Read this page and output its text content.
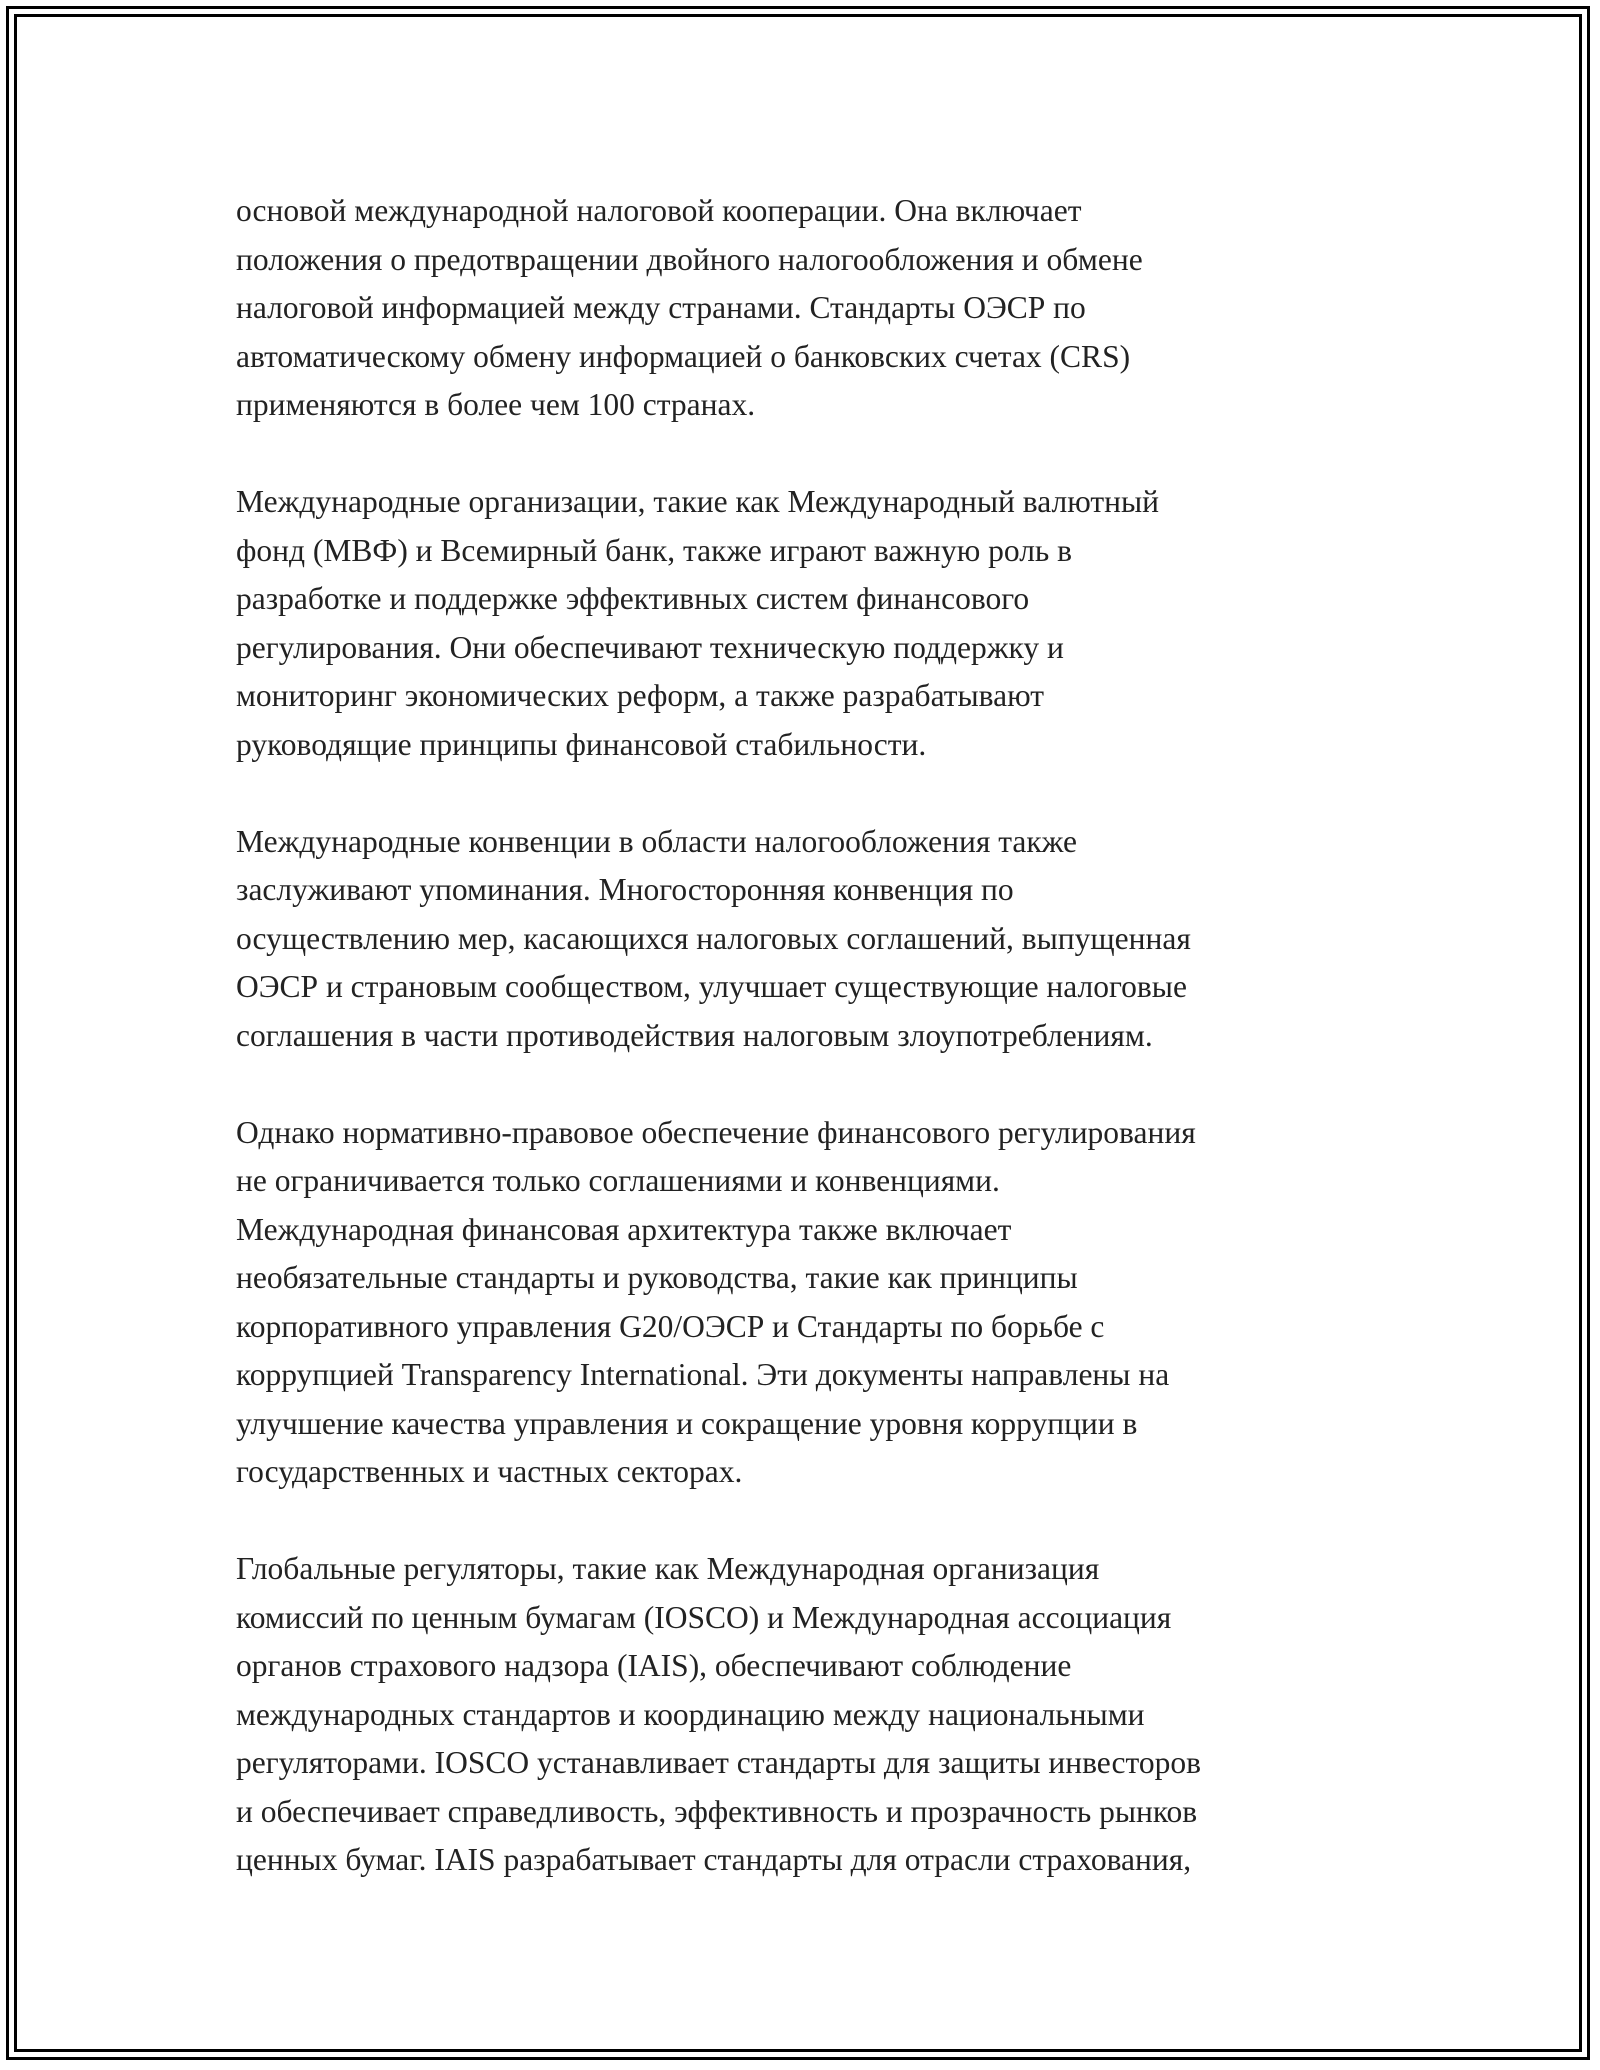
основой международной налоговой кооперации. Она включает
положения о предотвращении двойного налогообложения и обмене
налоговой информацией между странами. Стандарты ОЭСР по
автоматическому обмену информацией о банковских счетах (CRS)
применяются в более чем 100 странах.

Международные организации, такие как Международный валютный
фонд (МВФ) и Всемирный банк, также играют важную роль в
разработке и поддержке эффективных систем финансового
регулирования. Они обеспечивают техническую поддержку и
мониторинг экономических реформ, а также разрабатывают
руководящие принципы финансовой стабильности.

Международные конвенции в области налогообложения также
заслуживают упоминания. Многосторонняя конвенция по
осуществлению мер, касающихся налоговых соглашений, выпущенная
ОЭСР и страновым сообществом, улучшает существующие налоговые
соглашения в части противодействия налоговым злоупотреблениям.

Однако нормативно-правовое обеспечение финансового регулирования
не ограничивается только соглашениями и конвенциями.
Международная финансовая архитектура также включает
необязательные стандарты и руководства, такие как принципы
корпоративного управления G20/ОЭСР и Стандарты по борьбе с
коррупцией Transparency International. Эти документы направлены на
улучшение качества управления и сокращение уровня коррупции в
государственных и частных секторах.

Глобальные регуляторы, такие как Международная организация
комиссий по ценным бумагам (IOSCO) и Международная ассоциация
органов страхового надзора (IAIS), обеспечивают соблюдение
международных стандартов и координацию между национальными
регуляторами. IOSCO устанавливает стандарты для защиты инвесторов
и обеспечивает справедливость, эффективность и прозрачность рынков
ценных бумаг. IAIS разрабатывает стандарты для отрасли страхования,
